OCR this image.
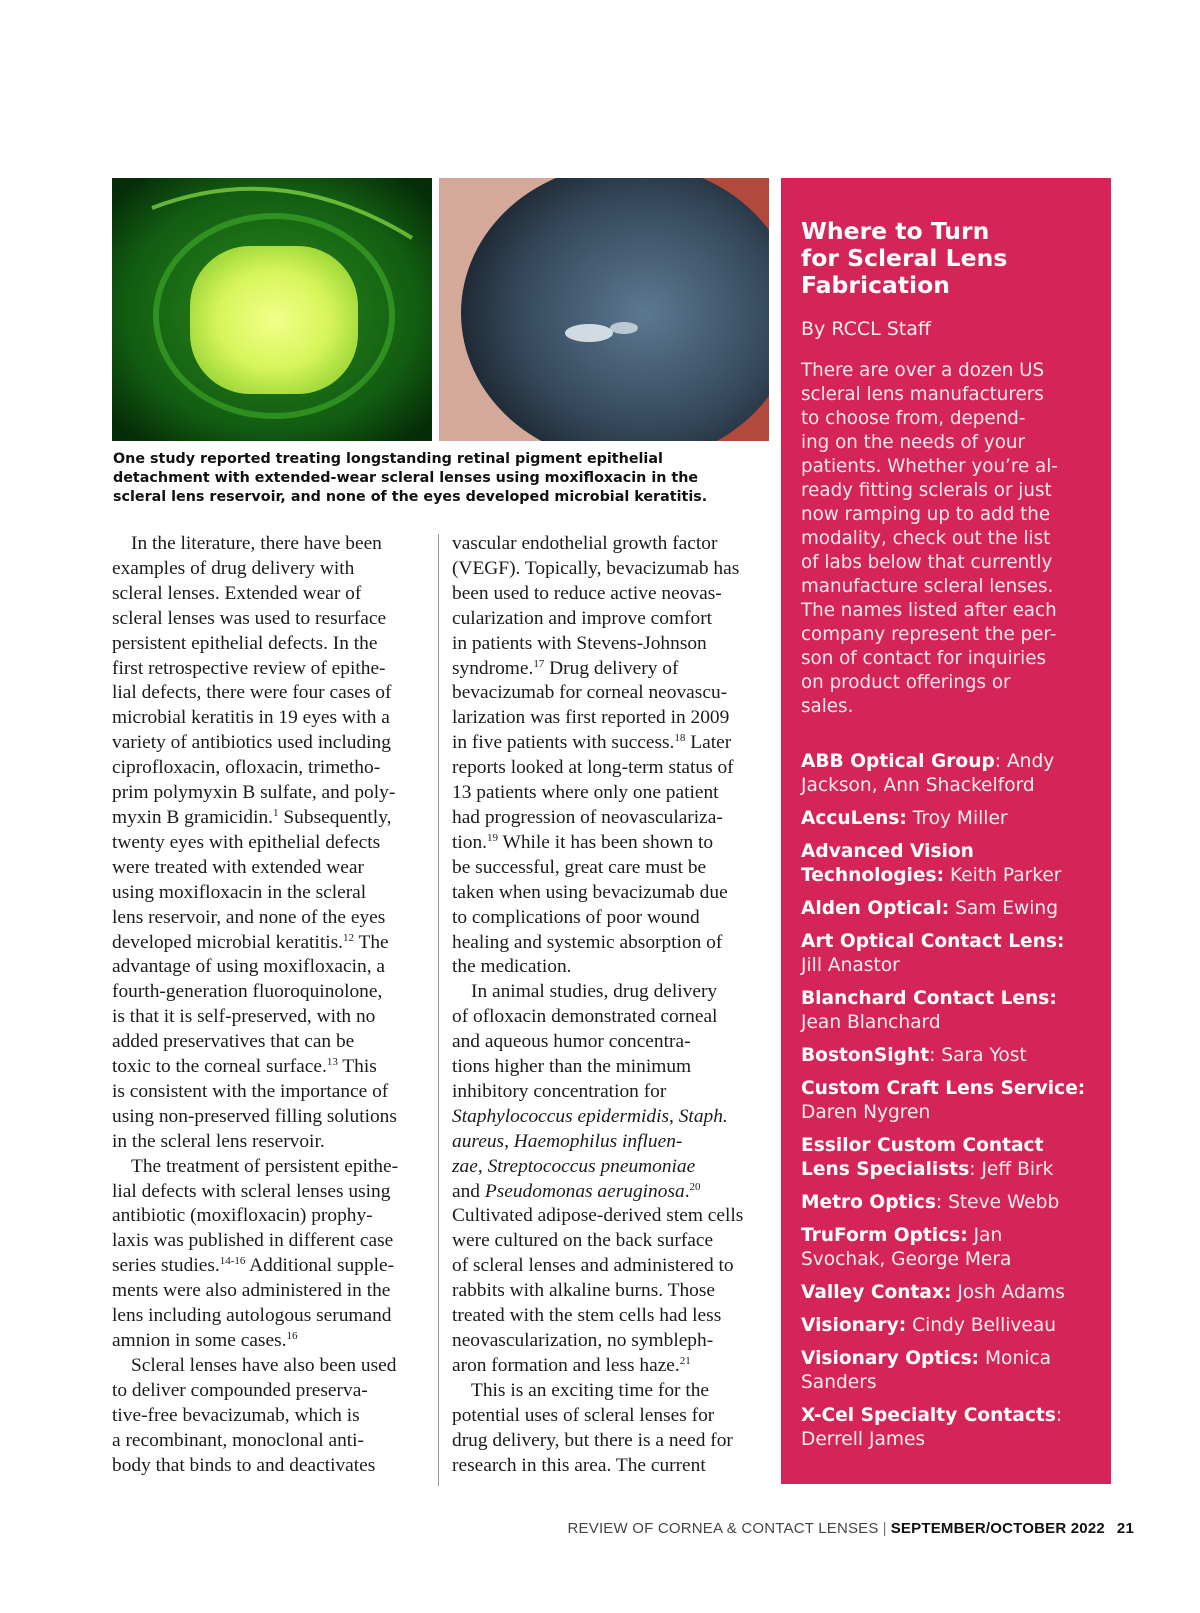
One study reported treating longstanding retinal pigment epithelial
detachment with extended-wear scleral lenses using moxifloxacin in the
scleral lens reservoir, and none of the eyes developed microbial keratitis.
In the literature, there have been
examples of drug delivery with
scleral lenses. Extended wear of
scleral lenses was used to resurface
persistent epithelial defects. In the
first retrospective review of epithe-
lial defects, there were four cases of
microbial keratitis in 19 eyes with a
variety of antibiotics used including
ciprofloxacin, ofloxacin, trimetho-
prim polymyxin B sulfate, and poly-
myxin B gramicidin.$^1$ Subsequently,
twenty eyes with epithelial defects
were treated with extended wear
using moxifloxacin in the scleral
lens reservoir, and none of the eyes
developed microbial keratitis.$^{12}$ The
advantage of using moxifloxacin, a
fourth-generation fluoroquinolone,
is that it is self-preserved, with no
added preservatives that can be
toxic to the corneal surface.$^{13}$ This
is consistent with the importance of
using non-preserved filling solutions
in the scleral lens reservoir.
The treatment of persistent epithe-
lial defects with scleral lenses using
antibiotic (moxifloxacin) prophy-
laxis was published in different case
series studies.$^{14-16}$ Additional supple-
ments were also administered in the
lens including autologous serumand
amnion in some cases.$^{16}$
Scleral lenses have also been used
to deliver compounded preserva-
tive-free bevacizumab, which is
a recombinant, monoclonal anti-
body that binds to and deactivates
vascular endothelial growth factor
(VEGF). Topically, bevacizumab has
been used to reduce active neovas-
cularization and improve comfort
in patients with Stevens-Johnson
syndrome.$^{17}$ Drug delivery of
bevacizumab for corneal neovascu-
larization was first reported in 2009
in five patients with success.$^{18}$ Later
reports looked at long-term status of
13 patients where only one patient
had progression of neovasculariza-
tion.$^{19}$ While it has been shown to
be successful, great care must be
taken when using bevacizumab due
to complications of poor wound
healing and systemic absorption of
the medication.
In animal studies, drug delivery
of ofloxacin demonstrated corneal
and aqueous humor concentra-
tions higher than the minimum
inhibitory concentration for
Staphylococcus epidermidis, Staph.
aureus, Haemophilus influen-
zae, Streptococcus pneumoniae
and Pseudomonas aeruginosa.$^{20}$
Cultivated adipose-derived stem cells
were cultured on the back surface
of scleral lenses and administered to
rabbits with alkaline burns. Those
treated with the stem cells had less
neovascularization, no symbleph-
aron formation and less haze.$^{21}$
This is an exciting time for the
potential uses of scleral lenses for
drug delivery, but there is a need for
research in this area. The current
Where to Turn
for Scleral Lens
Fabrication
By RCCL Staff
There are over a dozen US
scleral lens manufacturers
to choose from, depend-
ing on the needs of your
patients. Whether you’re al-
ready fitting sclerals or just
now ramping up to add the
modality, check out the list
of labs below that currently
manufacture scleral lenses.
The names listed after each
company represent the per-
son of contact for inquiries
on product offerings or
sales.
ABB Optical Group: Andy
Jackson, Ann Shackelford
AccuLens: Troy Miller
Advanced Vision
Technologies: Keith Parker
Alden Optical: Sam Ewing
Art Optical Contact Lens:
Jill Anastor
Blanchard Contact Lens:
Jean Blanchard
BostonSight: Sara Yost
Custom Craft Lens Service:
Daren Nygren
Essilor Custom Contact
Lens Specialists: Jeff Birk
Metro Optics: Steve Webb
TruForm Optics: Jan
Svochak, George Mera
Valley Contax: Josh Adams
Visionary: Cindy Belliveau
Visionary Optics: Monica
Sanders
X-Cel Specialty Contacts:
Derrell James
REVIEW OF CORNEA & CONTACT LENSES | SEPTEMBER/OCTOBER 2022 21
